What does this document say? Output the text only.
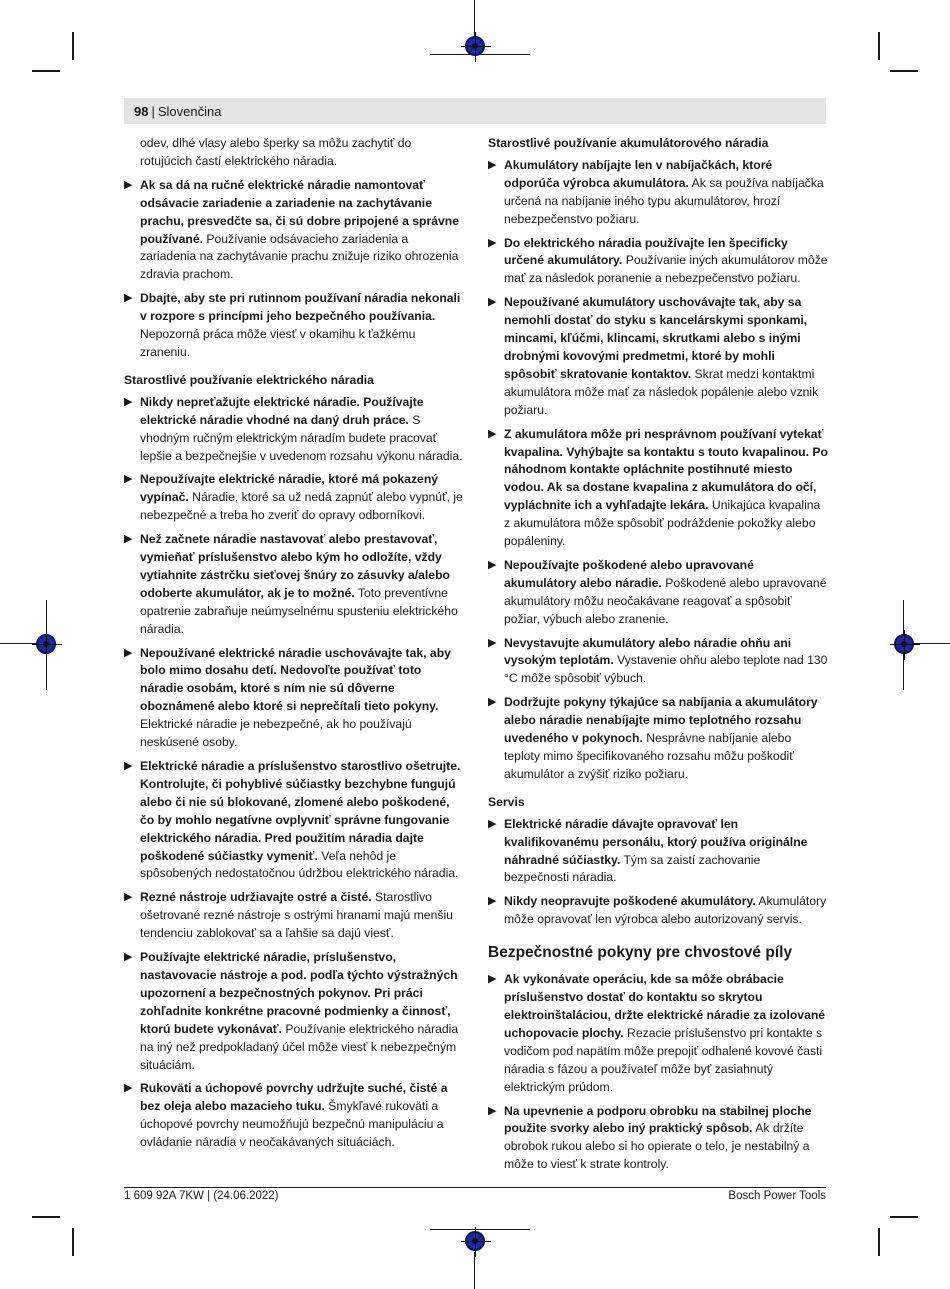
98 | Slovenčina
odev, dlhé vlasy alebo šperky sa môžu zachytiť do rotujúcich častí elektrického náradia.
▶ Ak sa dá na ručné elektrické náradie namontovať odsávacie zariadenie a zariadenie na zachytávanie prachu, presvedčte sa, či sú dobre pripojené a správne používané. Používanie odsávacieho zariadenia a zariadenia na zachytávanie prachu znižuje riziko ohrozenia zdravia prachom.
▶ Dbajte, aby ste pri rutinnom používaní náradia nekonali v rozpore s princípmi jeho bezpečného používania. Nepozorná práca môže viesť v okamihu k ťažkému zraneniu.
Starostlivé používanie elektrického náradia
▶ Nikdy nepreťažujte elektrické náradie. Používajte elektrické náradie vhodné na daný druh práce. S vhodným ručným elektrickým náradím budete pracovať lepšie a bezpečnejšie v uvedenom rozsahu výkonu náradia.
▶ Nepoužívajte elektrické náradie, ktoré má pokazený vypínač. Náradie, ktoré sa už nedá zapnúť alebo vypnúť, je nebezpečné a treba ho zveriť do opravy odborníkovi.
▶ Než začnete náradie nastavovať alebo prestavovať, vymieňať príslušenstvo alebo kým ho odložíte, vždy vytiahnite zástrčku sieťovej šnúry zo zásuvky a/alebo odoberte akumulátor, ak je to možné. Toto preventívne opatrenie zabraňuje neúmyselnému spusteniu elektrického náradia.
▶ Nepoužívané elektrické náradie uschovávajte tak, aby bolo mimo dosahu detí. Nedovoľte používať toto náradie osobám, ktoré s ním nie sú dôverne oboznámené alebo ktoré si neprečítali tieto pokyny. Elektrické náradie je nebezpečné, ak ho používajú neskúsené osoby.
▶ Elektrické náradie a príslušenstvo starostlivo ošetrujte. Kontrolujte, či pohyblivé súčiastky bezchybne fungujú alebo či nie sú blokované, zlomené alebo poškodené, čo by mohlo negatívne ovplyvniť správne fungovanie elektrického náradia. Pred použitím náradia dajte poškodené súčiastky vymeniť. Veľa nehôd je spôsobených nedostatočnou údržbou elektrického náradia.
▶ Rezné nástroje udržiavajte ostré a čisté. Starostlivo ošetrované rezné nástroje s ostrými hranami majú menšiu tendenciu zablokovať sa a ľahšie sa dajú viesť.
▶ Používajte elektrické náradie, príslušenstvo, nastavovacie nástroje a pod. podľa týchto výstražných upozornení a bezpečnostných pokynov. Pri práci zohľadnite konkrétne pracovné podmienky a činnosť, ktorú budete vykonávať. Používanie elektrického náradia na iný než predpokladaný účel môže viesť k nebezpečným situáciám.
▶ Rukoväti a úchopové povrchy udržujte suché, čisté a bez oleja alebo mazacieho tuku. Šmykľavé rukoväti a úchopové povrchy neumožňujú bezpečnú manipuláciu a ovládanie náradia v neočakávaných situáciách.
Starostlivé používanie akumulátorového náradia
▶ Akumulátory nabíjajte len v nabíjačkách, ktoré odporúča výrobca akumulátora. Ak sa používa nabíjačka určená na nabíjanie iného typu akumulátorov, hrozí nebezpečenstvo požiaru.
▶ Do elektrického náradia používajte len špecificky určené akumulátory. Používanie iných akumulátorov môže mať za následok poranenie a nebezpečenstvo požiaru.
▶ Nepoužívané akumulátory uschovávajte tak, aby sa nemohli dostať do styku s kancelárskymi sponkami, mincami, kľúčmi, klincami, skrutkami alebo s inými drobnými kovovými predmetmi, ktoré by mohli spôsobiť skratovanie kontaktov. Skrat medzi kontaktmi akumulátora môže mať za následok popálenie alebo vznik požiaru.
▶ Z akumulátora môže pri nesprávnom používaní vytekať kvapalina. Vyhýbajte sa kontaktu s touto kvapalinou. Po náhodnom kontakte opláchnite postihnuté miesto vodou. Ak sa dostane kvapalina z akumulátora do očí, vypláchnite ich a vyhľadajte lekára. Unikajúca kvapalina z akumulátora môže spôsobiť podráždenie pokožky alebo popáleniny.
▶ Nepoužívajte poškodené alebo upravované akumulátory alebo náradie. Poškodené alebo upravované akumulátory môžu neočakávane reagovať a spôsobiť požiar, výbuch alebo zranenie.
▶ Nevystavujte akumulátory alebo náradie ohňu ani vysokým teplotám. Vystavenie ohňu alebo teplote nad 130 °C môže spôsobiť výbuch.
▶ Dodržujte pokyny týkajúce sa nabíjania a akumulátory alebo náradie nenabíjajte mimo teplotného rozsahu uvedeného v pokynoch. Nesprávne nabíjanie alebo teploty mimo špecifikovaného rozsahu môžu poškodiť akumulátor a zvýšiť riziko požiaru.
Servis
▶ Elektrické náradie dávajte opravovať len kvalifikovanému personálu, ktorý používa originálne náhradné súčiastky. Tým sa zaistí zachovanie bezpečnosti náradia.
▶ Nikdy neopravujte poškodené akumulátory. Akumulátory môže opravovať len výrobca alebo autorizovaný servis.
Bezpečnostné pokyny pre chvostové píly
▶ Ak vykonávate operáciu, kde sa môže obrábacie príslušenstvo dostať do kontaktu so skrytou elektroinštaláciou, držte elektrické náradie za izolované uchopovacie plochy. Rezacie príslušenstvo pri kontakte s vodičom pod napätím môže prepojiť odhalené kovové časti náradia s fázou a používateľ môže byť zasiahnutý elektrickým prúdom.
▶ Na upevnenie a podporu obrobku na stabilnej ploche použite svorky alebo iný praktický spôsob. Ak držíte obrobok rukou alebo si ho opierate o telo, je nestabilný a môže to viesť k strate kontroly.
1 609 92A 7KW | (24.06.2022)	Bosch Power Tools
